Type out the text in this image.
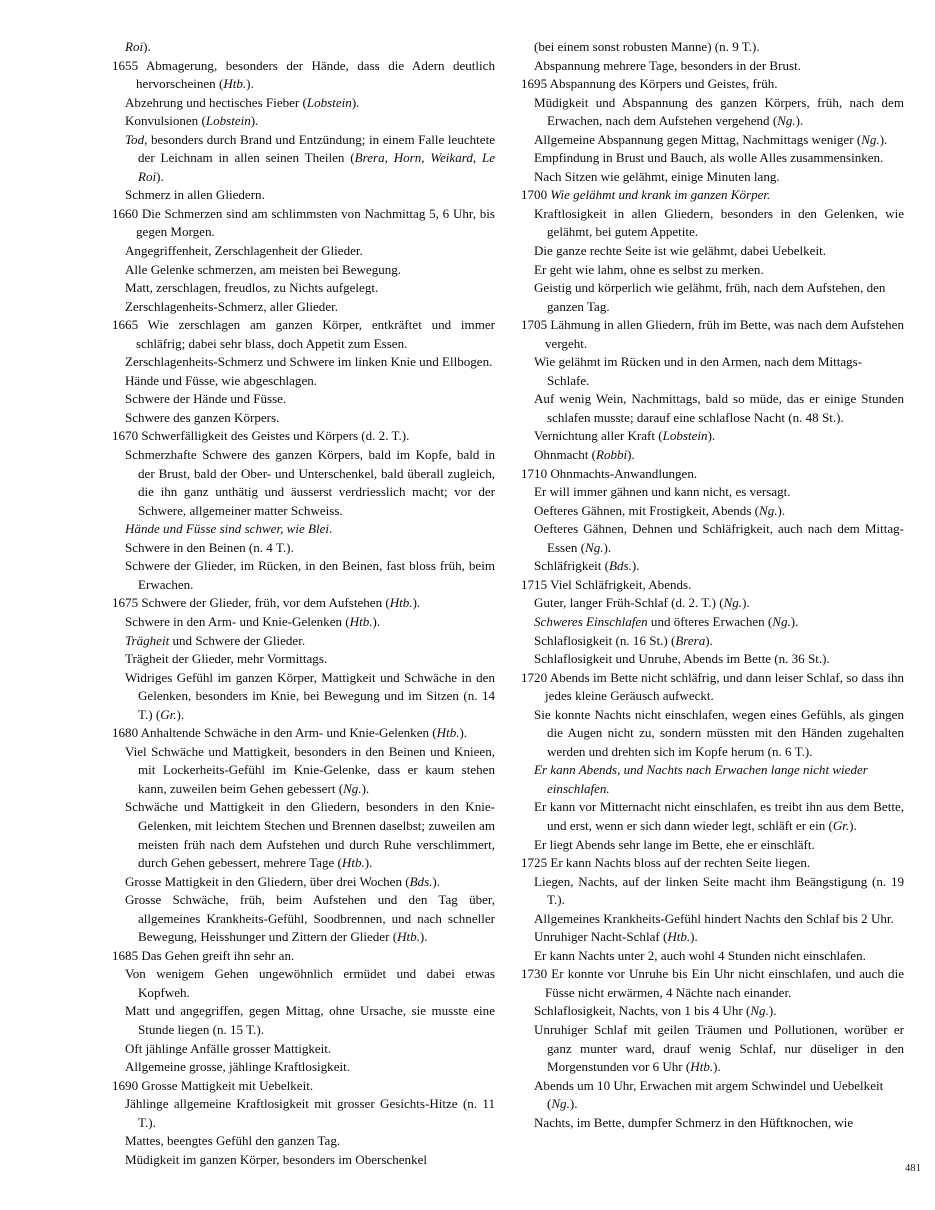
Roi).

1655 Abmagerung, besonders der Hände, dass die Adern deutlich hervorscheinen (Htb.).

Abzehrung und hectisches Fieber (Lobstein).

Konvulsionen (Lobstein).

Tod, besonders durch Brand und Entzündung; in einem Falle leuchtete der Leichnam in allen seinen Theilen (Brera, Horn, Weikard, Le Roi).

Schmerz in allen Gliedern.

1660 Die Schmerzen sind am schlimmsten von Nachmittag 5, 6 Uhr, bis gegen Morgen.

Angegriffenheit, Zerschlagenheit der Glieder.

Alle Gelenke schmerzen, am meisten bei Bewegung.

Matt, zerschlagen, freudlos, zu Nichts aufgelegt.

Zerschlagenheits-Schmerz, aller Glieder.

1665 Wie zerschlagen am ganzen Körper, entkräftet und immer schläfrig; dabei sehr blass, doch Appetit zum Essen.

Zerschlagenheits-Schmerz und Schwere im linken Knie und Ellbogen.

Hände und Füsse, wie abgeschlagen.

Schwere der Hände und Füsse.

Schwere des ganzen Körpers.

1670 Schwerfälligkeit des Geistes und Körpers (d. 2. T.).

Schmerzhafte Schwere des ganzen Körpers, bald im Kopfe, bald in der Brust, bald der Ober- und Unterschenkel, bald überall zugleich, die ihn ganz unthätig und äusserst verdriesslich macht; vor der Schwere, allgemeiner matter Schweiss.

Hände und Füsse sind schwer, wie Blei.

Schwere in den Beinen (n. 4 T.).

Schwere der Glieder, im Rücken, in den Beinen, fast bloss früh, beim Erwachen.

1675 Schwere der Glieder, früh, vor dem Aufstehen (Htb.).

Schwere in den Arm- und Knie-Gelenken (Htb.).

Trägheit und Schwere der Glieder.

Trägheit der Glieder, mehr Vormittags.

Widriges Gefühl im ganzen Körper, Mattigkeit und Schwäche in den Gelenken, besonders im Knie, bei Bewegung und im Sitzen (n. 14 T.) (Gr.).

1680 Anhaltende Schwäche in den Arm- und Knie-Gelenken (Htb.).

Viel Schwäche und Mattigkeit, besonders in den Beinen und Knieen, mit Lockerheits-Gefühl im Knie-Gelenke, dass er kaum stehen kann, zuweilen beim Gehen gebessert (Ng.).

Schwäche und Mattigkeit in den Gliedern, besonders in den Knie-Gelenken, mit leichtem Stechen und Brennen daselbst; zuweilen am meisten früh nach dem Aufstehen und durch Ruhe verschlimmert, durch Gehen gebessert, mehrere Tage (Htb.).

Grosse Mattigkeit in den Gliedern, über drei Wochen (Bds.).

Grosse Schwäche, früh, beim Aufstehen und den Tag über, allgemeines Krankheits-Gefühl, Soodbrennen, und nach schneller Bewegung, Heisshunger und Zittern der Glieder (Htb.).

1685 Das Gehen greift ihn sehr an.

Von wenigem Gehen ungewöhnlich ermüdet und dabei etwas Kopfweh.

Matt und angegriffen, gegen Mittag, ohne Ursache, sie musste eine Stunde liegen (n. 15 T.).

Oft jählinge Anfälle grosser Mattigkeit.

Allgemeine grosse, jählinge Kraftlosigkeit.

1690 Grosse Mattigkeit mit Uebelkeit.

Jählinge allgemeine Kraftlosigkeit mit grosser Gesichts-Hitze (n. 11 T.).

Mattes, beengtes Gefühl den ganzen Tag.

Müdigkeit im ganzen Körper, besonders im Oberschenkel

(bei einem sonst robusten Manne) (n. 9 T.).

Abspannung mehrere Tage, besonders in der Brust.

1695 Abspannung des Körpers und Geistes, früh.

Müdigkeit und Abspannung des ganzen Körpers, früh, nach dem Erwachen, nach dem Aufstehen vergehend (Ng.).

Allgemeine Abspannung gegen Mittag, Nachmittags weniger (Ng.).

Empfindung in Brust und Bauch, als wolle Alles zusammensinken.

Nach Sitzen wie gelähmt, einige Minuten lang.

1700 Wie gelähmt und krank im ganzen Körper.

Kraftlosigkeit in allen Gliedern, besonders in den Gelenken, wie gelähmt, bei gutem Appetite.

Die ganze rechte Seite ist wie gelähmt, dabei Uebelkeit.

Er geht wie lahm, ohne es selbst zu merken.

Geistig und körperlich wie gelähmt, früh, nach dem Aufstehen, den ganzen Tag.

1705 Lähmung in allen Gliedern, früh im Bette, was nach dem Aufstehen vergeht.

Wie gelähmt im Rücken und in den Armen, nach dem Mittags-Schlafe.

Auf wenig Wein, Nachmittags, bald so müde, das er einige Stunden schlafen musste; darauf eine schlaflose Nacht (n. 48 St.).

Vernichtung aller Kraft (Lobstein).

Ohnmacht (Robbi).

1710 Ohnmachts-Anwandlungen.

Er will immer gähnen und kann nicht, es versagt.

Oefteres Gähnen, mit Frostigkeit, Abends (Ng.).

Oefteres Gähnen, Dehnen und Schläfrigkeit, auch nach dem Mittag-Essen (Ng.).

Schläfrigkeit (Bds.).

1715 Viel Schläfrigkeit, Abends.

Guter, langer Früh-Schlaf (d. 2. T.) (Ng.).

Schweres Einschlafen und öfteres Erwachen (Ng.).

Schlaflosigkeit (n. 16 St.) (Brera).

Schlaflosigkeit und Unruhe, Abends im Bette (n. 36 St.).

1720 Abends im Bette nicht schläfrig, und dann leiser Schlaf, so dass ihn jedes kleine Geräusch aufweckt.

Sie konnte Nachts nicht einschlafen, wegen eines Gefühls, als gingen die Augen nicht zu, sondern müssten mit den Händen zugehalten werden und drehten sich im Kopfe herum (n. 6 T.).

Er kann Abends, und Nachts nach Erwachen lange nicht wieder einschlafen.

Er kann vor Mitternacht nicht einschlafen, es treibt ihn aus dem Bette, und erst, wenn er sich dann wieder legt, schläft er ein (Gr.).

Er liegt Abends sehr lange im Bette, ehe er einschläft.

1725 Er kann Nachts bloss auf der rechten Seite liegen.

Liegen, Nachts, auf der linken Seite macht ihm Beängstigung (n. 19 T.).

Allgemeines Krankheits-Gefühl hindert Nachts den Schlaf bis 2 Uhr.

Unruhiger Nacht-Schlaf (Htb.).

Er kann Nachts unter 2, auch wohl 4 Stunden nicht einschlafen.

1730 Er konnte vor Unruhe bis Ein Uhr nicht einschlafen, und auch die Füsse nicht erwärmen, 4 Nächte nach einander.

Schlaflosigkeit, Nachts, von 1 bis 4 Uhr (Ng.).

Unruhiger Schlaf mit geilen Träumen und Pollutionen, worüber er ganz munter ward, drauf wenig Schlaf, nur düseliger in den Morgenstunden vor 6 Uhr (Htb.).

Abends um 10 Uhr, Erwachen mit argem Schwindel und Uebelkeit (Ng.).

Nachts, im Bette, dumpfer Schmerz in den Hüftknochen, wie

481
